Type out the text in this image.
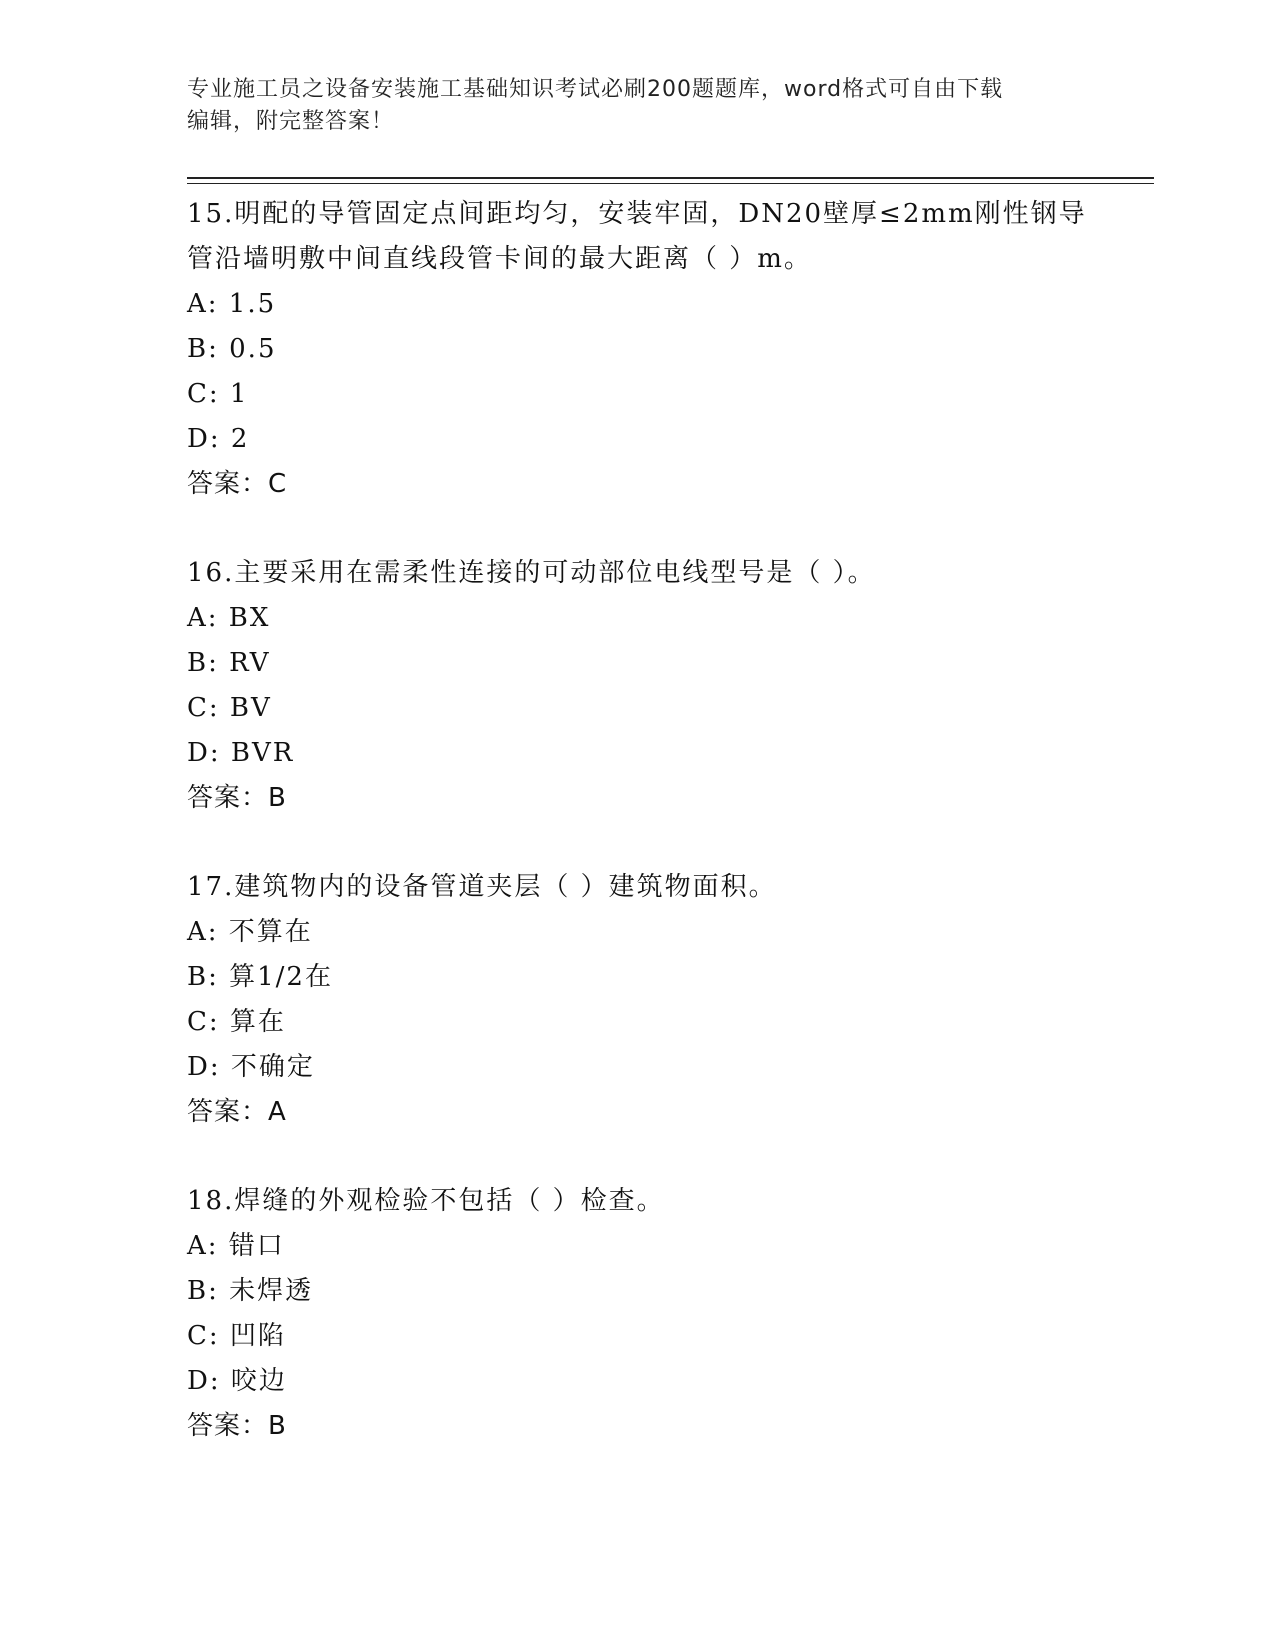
专业施工员之设备安装施工基础知识考试必刷200题题库，word格式可自由下载
编辑，附完整答案！
15.明配的导管固定点间距均匀，安装牢固，DN20壁厚≤2mm刚性钢导
管沿墙明敷中间直线段管卡间的最大距离（ ）m。
A: 1.5
B: 0.5
C: 1
D: 2
答案：C
16.主要采用在需柔性连接的可动部位电线型号是（ ）。
A: BX
B: RV
C: BV
D: BVR
答案：B
17.建筑物内的设备管道夹层（ ）建筑物面积。
A: 不算在
B: 算1/2在
C: 算在
D: 不确定
答案：A
18.焊缝的外观检验不包括（ ）检查。
A: 错口
B: 未焊透
C: 凹陷
D: 咬边
答案：B
